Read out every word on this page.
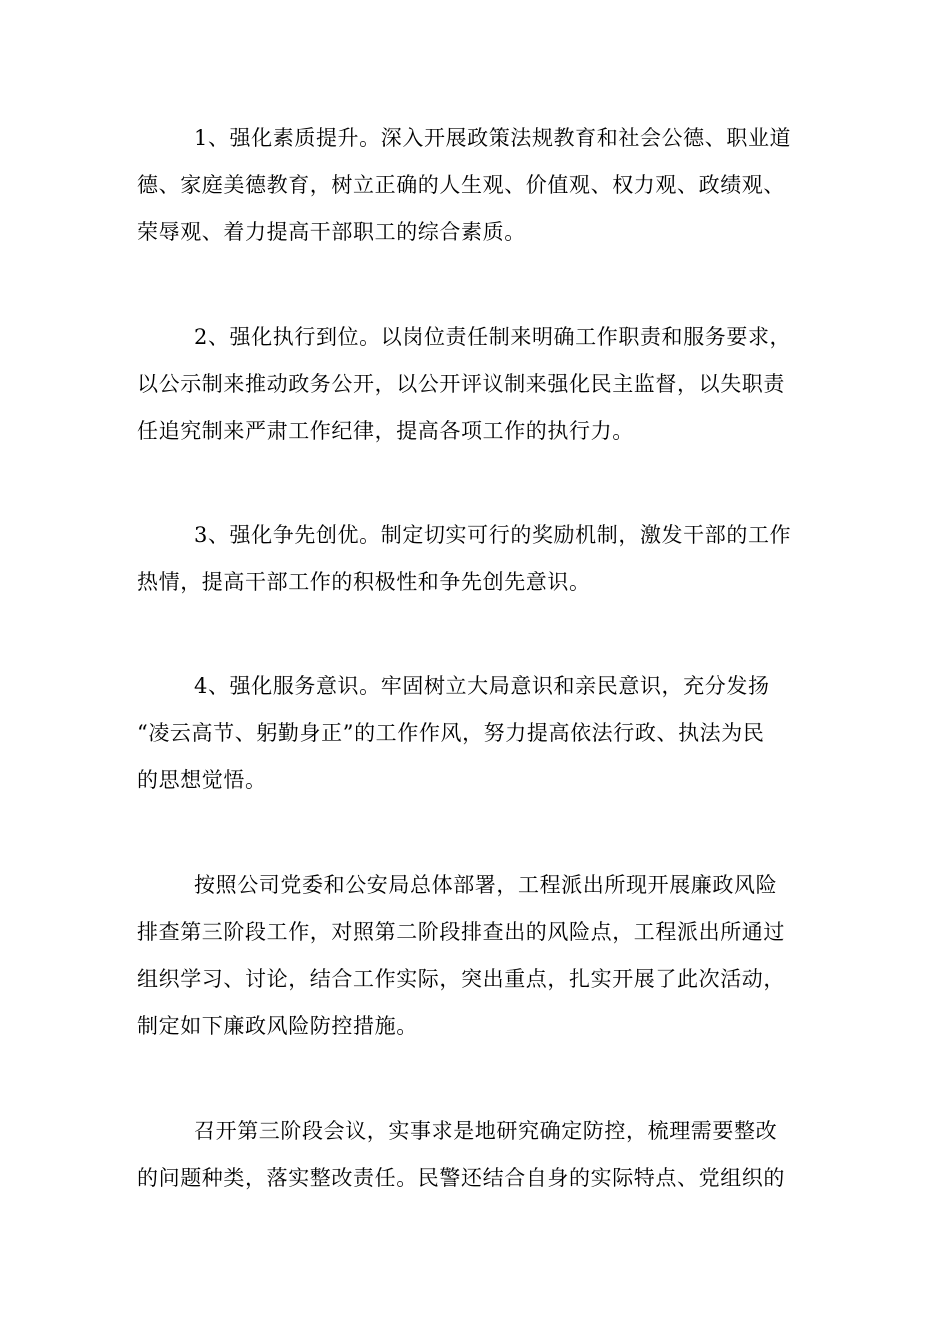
1、强化素质提升。深入开展政策法规教育和社会公德、职业道
德、家庭美德教育，树立正确的人生观、价值观、权力观、政绩观、
荣辱观、着力提高干部职工的综合素质。
2、强化执行到位。以岗位责任制来明确工作职责和服务要求，
以公示制来推动政务公开，以公开评议制来强化民主监督，以失职责
任追究制来严肃工作纪律，提高各项工作的执行力。
3、强化争先创优。制定切实可行的奖励机制，激发干部的工作
热情，提高干部工作的积极性和争先创先意识。
4、强化服务意识。牢固树立大局意识和亲民意识，充分发扬
“凌云高节、躬勤身正”的工作作风，努力提高依法行政、执法为民
的思想觉悟。
按照公司党委和公安局总体部署，工程派出所现开展廉政风险
排查第三阶段工作，对照第二阶段排查出的风险点，工程派出所通过
组织学习、讨论，结合工作实际，突出重点，扎实开展了此次活动，
制定如下廉政风险防控措施。
召开第三阶段会议，实事求是地研究确定防控，梳理需要整改
的问题种类，落实整改责任。民警还结合自身的实际特点、党组织的
